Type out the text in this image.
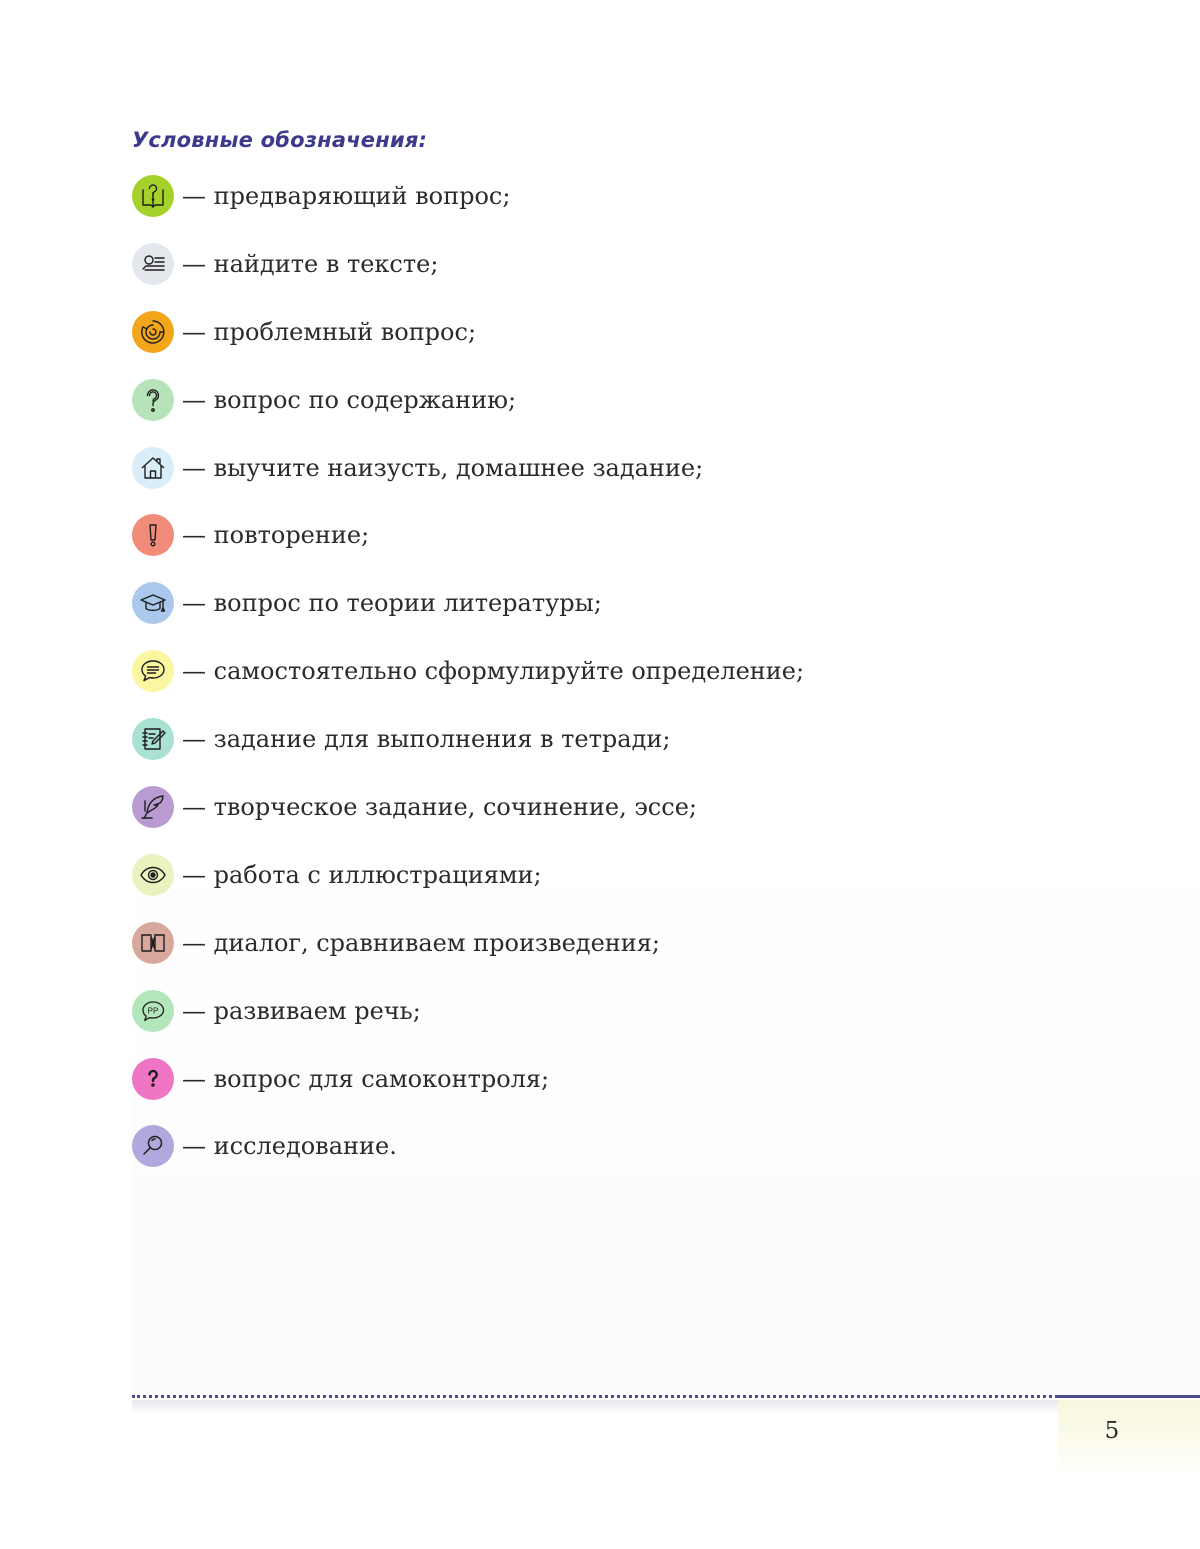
Условные обозначения:
— предваряющий вопрос;
— найдите в тексте;
— проблемный вопрос;
— вопрос по содержанию;
— выучите наизусть, домашнее задание;
— повторение;
— вопрос по теории литературы;
— самостоятельно сформулируйте определение;
— задание для выполнения в тетради;
— творческое задание, сочинение, эссе;
— работа с иллюстрациями;
— диалог, сравниваем произведения;
РР — развиваем речь;
— вопрос для самоконтроля;
— исследование.
5
